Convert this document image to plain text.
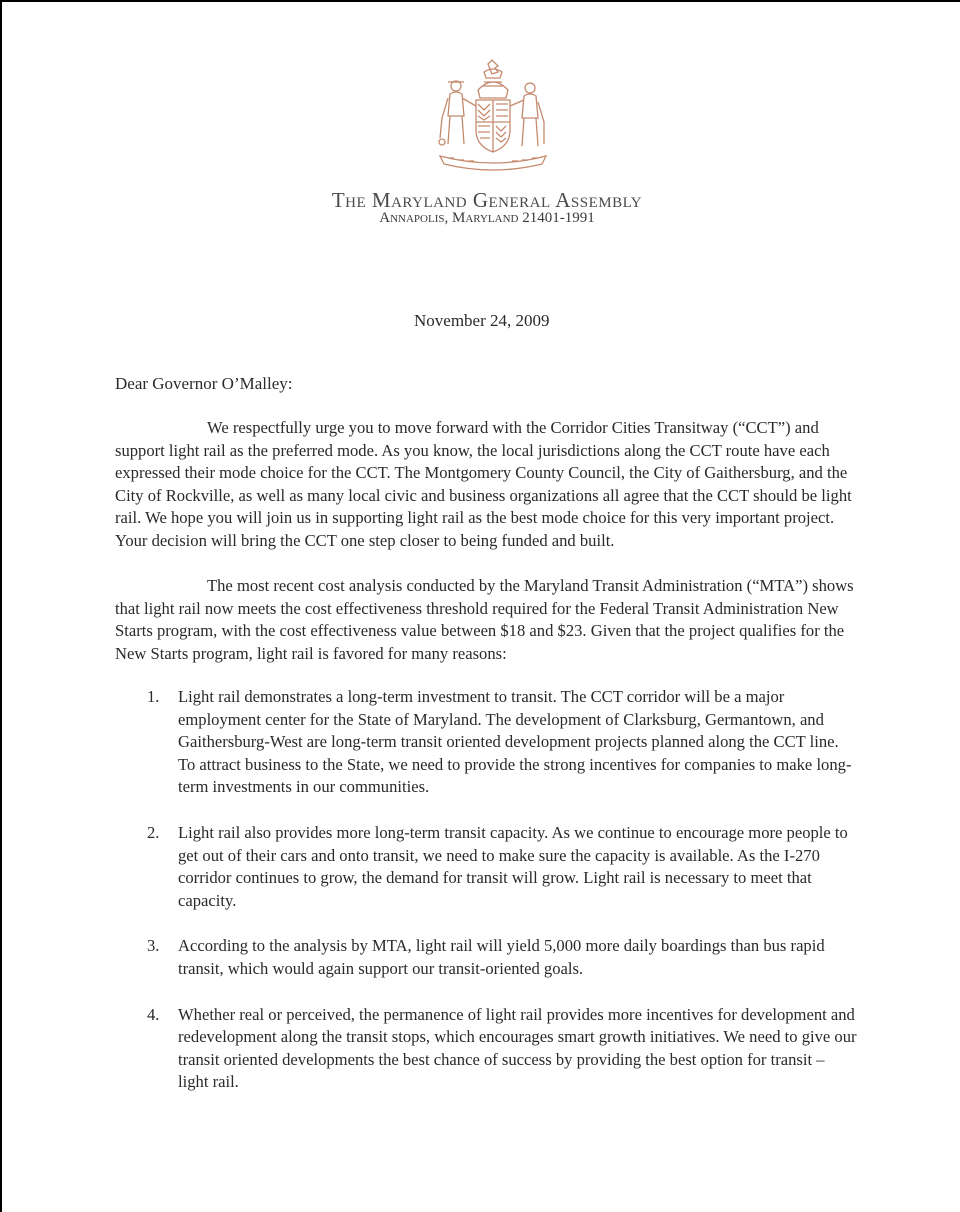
The Maryland General Assembly
Annapolis, Maryland 21401-1991
November 24, 2009
Dear Governor O’Malley:

We respectfully urge you to move forward with the Corridor Cities Transitway (“CCT”) and support light rail as the preferred mode. As you know, the local jurisdictions along the CCT route have each expressed their mode choice for the CCT. The Montgomery County Council, the City of Gaithersburg, and the City of Rockville, as well as many local civic and business organizations all agree that the CCT should be light rail. We hope you will join us in supporting light rail as the best mode choice for this very important project. Your decision will bring the CCT one step closer to being funded and built.

The most recent cost analysis conducted by the Maryland Transit Administration (“MTA”) shows that light rail now meets the cost effectiveness threshold required for the Federal Transit Administration New Starts program, with the cost effectiveness value between $18 and $23. Given that the project qualifies for the New Starts program, light rail is favored for many reasons:

1. Light rail demonstrates a long-term investment to transit. The CCT corridor will be a major employment center for the State of Maryland. The development of Clarksburg, Germantown, and Gaithersburg-West are long-term transit oriented development projects planned along the CCT line. To attract business to the State, we need to provide the strong incentives for companies to make long-term investments in our communities.
2. Light rail also provides more long-term transit capacity. As we continue to encourage more people to get out of their cars and onto transit, we need to make sure the capacity is available. As the I-270 corridor continues to grow, the demand for transit will grow. Light rail is necessary to meet that capacity.
3. According to the analysis by MTA, light rail will yield 5,000 more daily boardings than bus rapid transit, which would again support our transit-oriented goals.
4. Whether real or perceived, the permanence of light rail provides more incentives for development and redevelopment along the transit stops, which encourages smart growth initiatives. We need to give our transit oriented developments the best chance of success by providing the best option for transit – light rail.
